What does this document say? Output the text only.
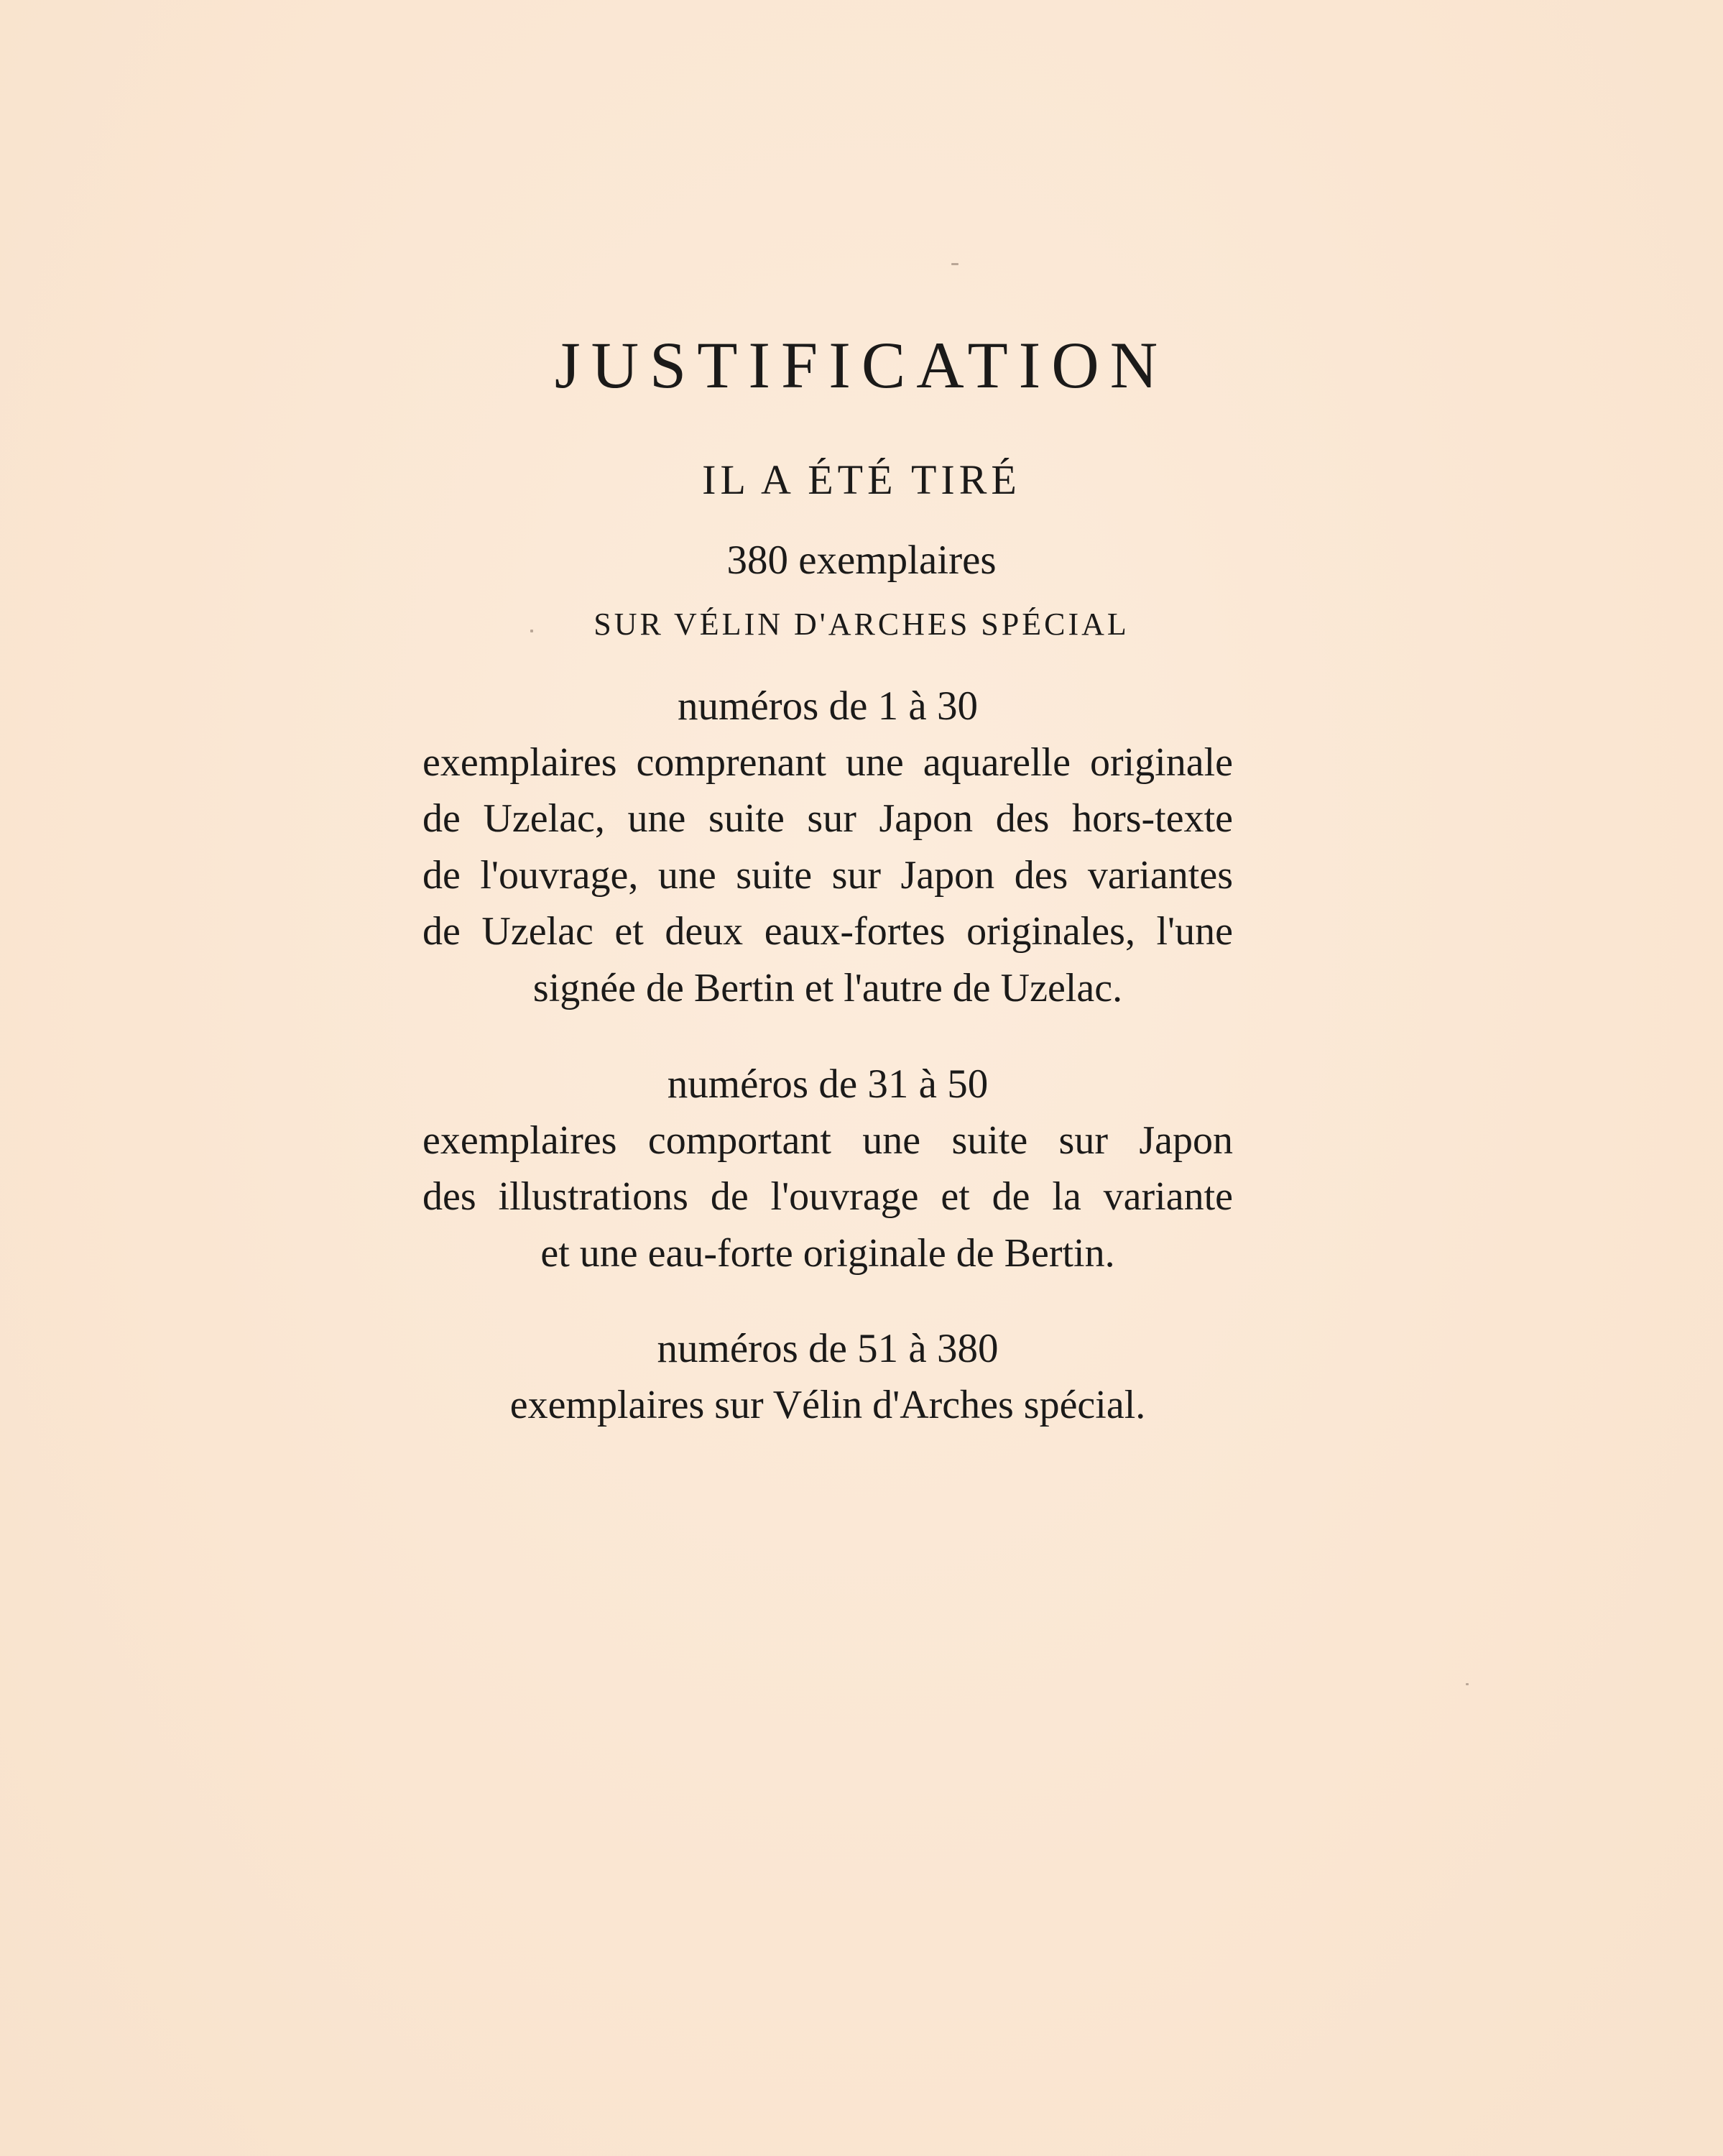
JUSTIFICATION
IL A ÉTÉ TIRÉ
380 exemplaires
SUR VÉLIN D'ARCHES SPÉCIAL
numéros de 1 à 30
exemplaires comprenant une aquarelle originale
de Uzelac, une suite sur Japon des hors-texte
de l'ouvrage, une suite sur Japon des variantes
de Uzelac et deux eaux-fortes originales, l'une
signée de Bertin et l'autre de Uzelac.
numéros de 31 à 50
exemplaires comportant une suite sur Japon
des illustrations de l'ouvrage et de la variante
et une eau-forte originale de Bertin.
numéros de 51 à 380
exemplaires sur Vélin d'Arches spécial.
